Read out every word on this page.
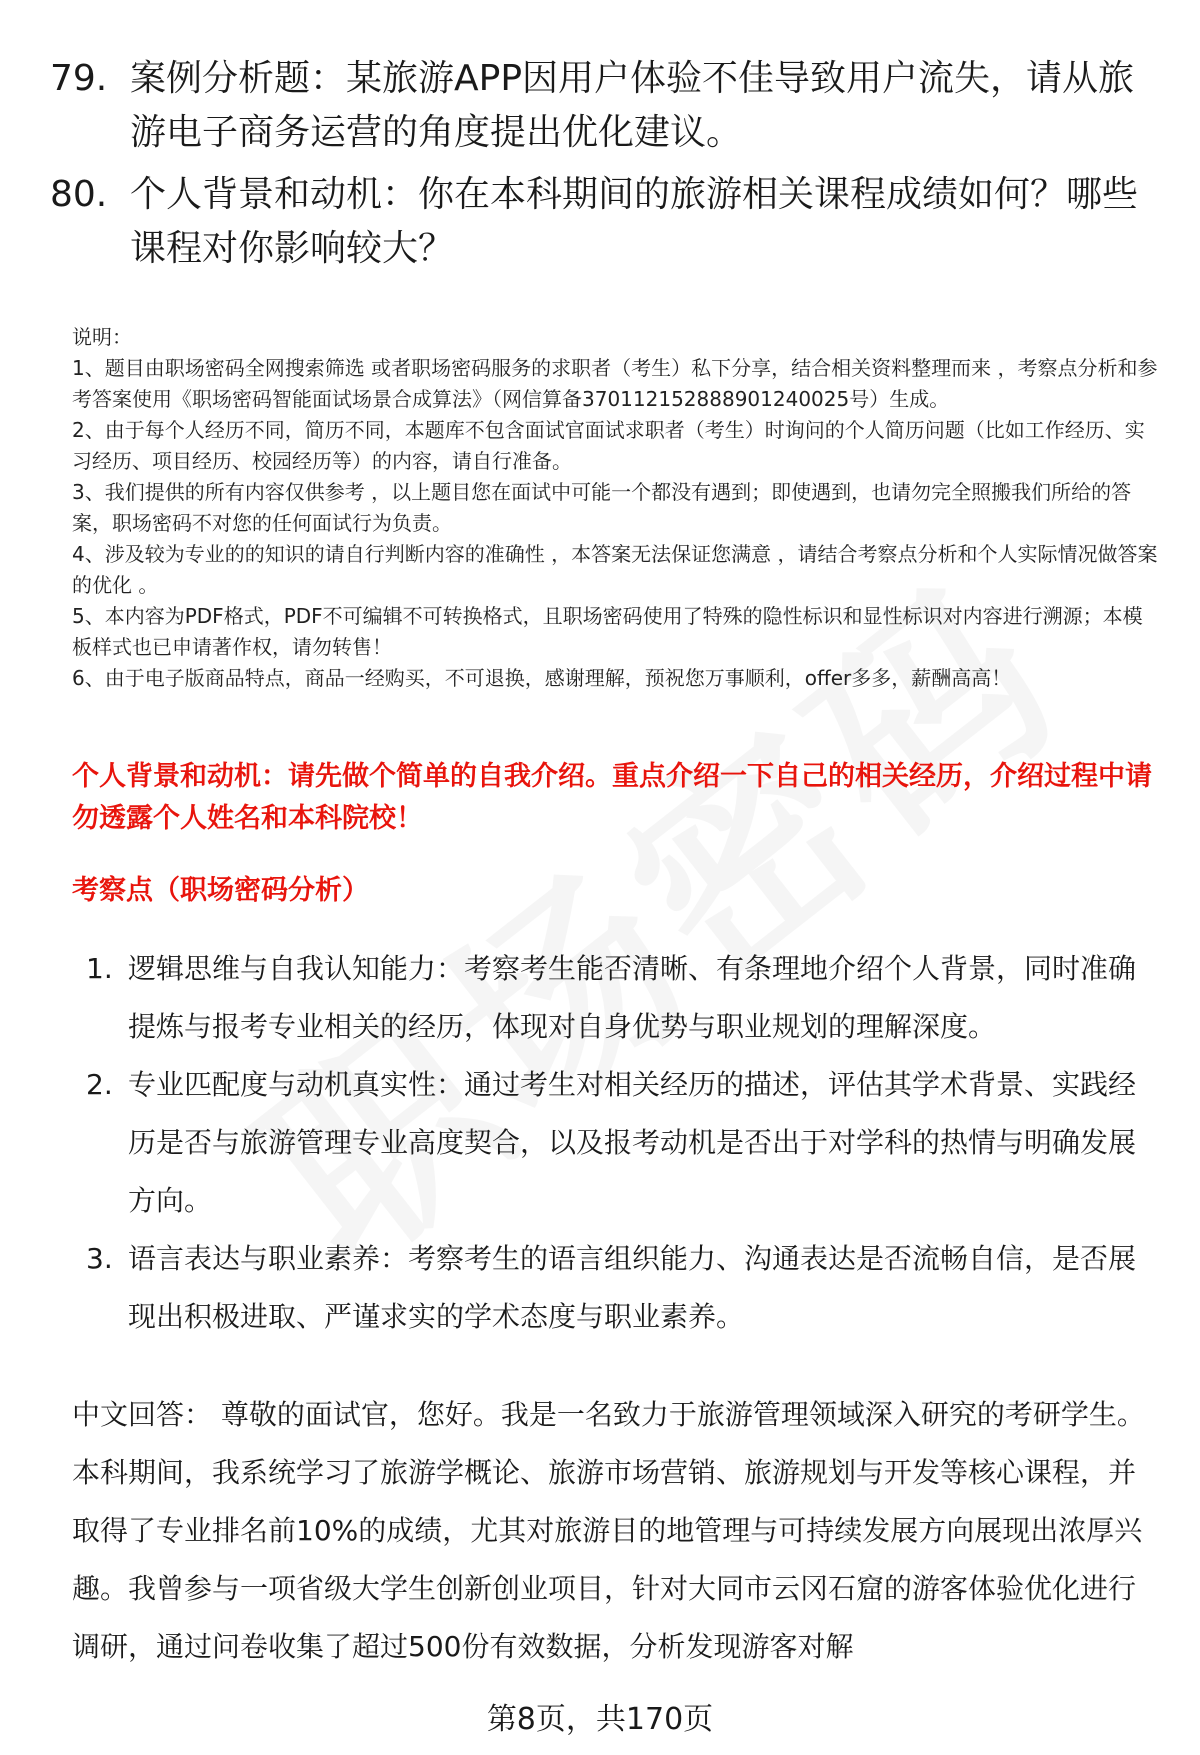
79. 案例分析题：某旅游APP因用户体验不佳导致用户流失，请从旅游电子商务运营的角度提出优化建议。
80. 个人背景和动机：你在本科期间的旅游相关课程成绩如何？哪些课程对你影响较大？
说明：
1、题目由职场密码全网搜索筛选 或者职场密码服务的求职者（考生）私下分享，结合相关资料整理而来 ，考察点分析和参考答案使用《职场密码智能面试场景合成算法》（网信算备370112152888901240025号）生成。
2、由于每个人经历不同，简历不同，本题库不包含面试官面试求职者（考生）时询问的个人简历问题（比如工作经历、实习经历、项目经历、校园经历等）的内容，请自行准备。
3、我们提供的所有内容仅供参考 ，以上题目您在面试中可能一个都没有遇到；即使遇到，也请勿完全照搬我们所给的答案，职场密码不对您的任何面试行为负责。
4、涉及较为专业的的知识的请自行判断内容的准确性 ，本答案无法保证您满意 ，请结合考察点分析和个人实际情况做答案的优化 。
5、本内容为PDF格式，PDF不可编辑不可转换格式，且职场密码使用了特殊的隐性标识和显性标识对内容进行溯源；本模板样式也已申请著作权，请勿转售！
6、由于电子版商品特点，商品一经购买，不可退换，感谢理解，预祝您万事顺利，offer多多，薪酬高高！
个人背景和动机：请先做个简单的自我介绍。重点介绍一下自己的相关经历，介绍过程中请勿透露个人姓名和本科院校！
考察点（职场密码分析）
1. 逻辑思维与自我认知能力：考察考生能否清晰、有条理地介绍个人背景，同时准确提炼与报考专业相关的经历，体现对自身优势与职业规划的理解深度。
2. 专业匹配度与动机真实性：通过考生对相关经历的描述，评估其学术背景、实践经历是否与旅游管理专业高度契合，以及报考动机是否出于对学科的热情与明确发展方向。
3. 语言表达与职业素养：考察考生的语言组织能力、沟通表达是否流畅自信，是否展现出积极进取、严谨求实的学术态度与职业素养。
中文回答： 尊敬的面试官，您好。我是一名致力于旅游管理领域深入研究的考研学生。本科期间，我系统学习了旅游学概论、旅游市场营销、旅游规划与开发等核心课程，并取得了专业排名前10%的成绩，尤其对旅游目的地管理与可持续发展方向展现出浓厚兴趣。我曾参与一项省级大学生创新创业项目，针对大同市云冈石窟的游客体验优化进行调研，通过问卷收集了超过500份有效数据，分析发现游客对解
第8页，共170页
